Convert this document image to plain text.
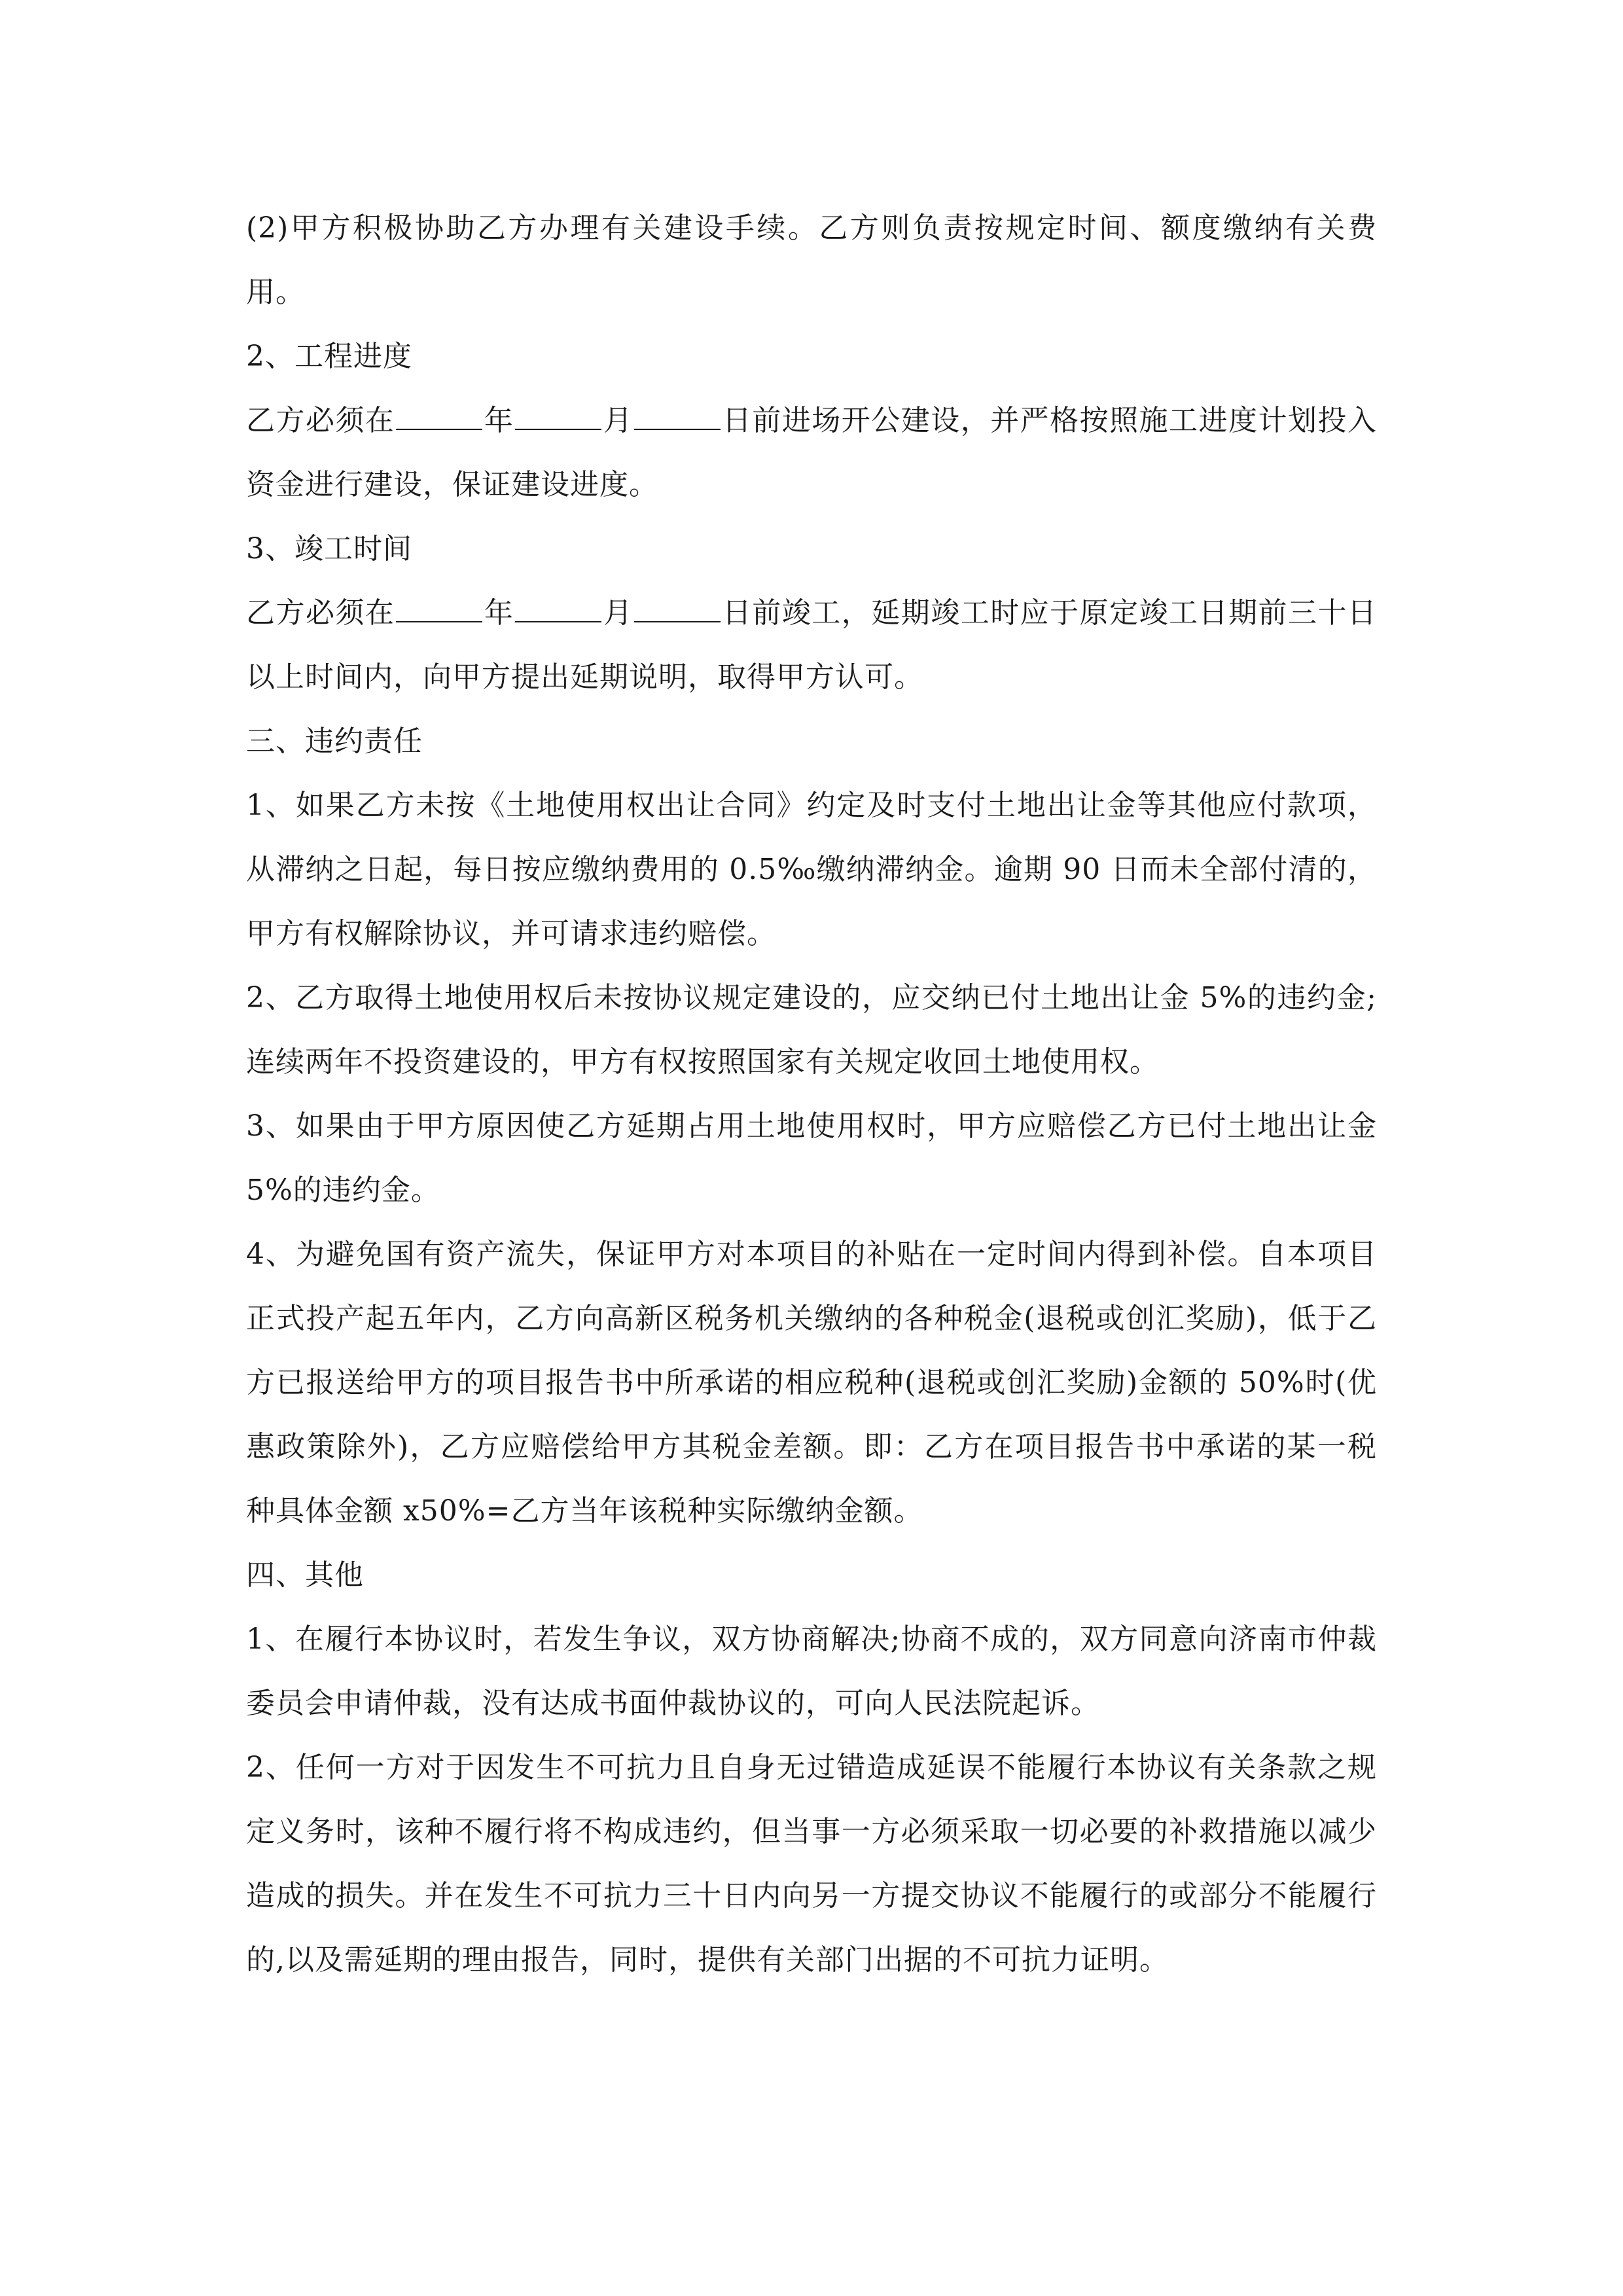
(2)甲方积极协助乙方办理有关建设手续。乙方则负责按规定时间、额度缴纳有关费用。

2、工程进度

乙方必须在	年	月	日前进场开公建设，并严格按照施工进度计划投入资金进行建设，保证建设进度。

3、竣工时间

乙方必须在	年	月	日前竣工，延期竣工时应于原定竣工日期前三十日以上时间内，向甲方提出延期说明，取得甲方认可。

三、违约责任

1、如果乙方未按《土地使用权出让合同》约定及时支付土地出让金等其他应付款项，从滞纳之日起，每日按应缴纳费用的 0.5‰缴纳滞纳金。逾期 90 日而未全部付清的，甲方有权解除协议，并可请求违约赔偿。

2、乙方取得土地使用权后未按协议规定建设的，应交纳已付土地出让金 5%的违约金;连续两年不投资建设的，甲方有权按照国家有关规定收回土地使用权。

3、如果由于甲方原因使乙方延期占用土地使用权时，甲方应赔偿乙方已付土地出让金 5%的违约金。

4、为避免国有资产流失，保证甲方对本项目的补贴在一定时间内得到补偿。自本项目正式投产起五年内，乙方向高新区税务机关缴纳的各种税金(退税或创汇奖励)，低于乙方已报送给甲方的项目报告书中所承诺的相应税种(退税或创汇奖励)金额的 50%时(优惠政策除外)，乙方应赔偿给甲方其税金差额。即：乙方在项目报告书中承诺的某一税种具体金额 x50%=乙方当年该税种实际缴纳金额。

四、其他

1、在履行本协议时，若发生争议，双方协商解决;协商不成的，双方同意向济南市仲裁委员会申请仲裁，没有达成书面仲裁协议的，可向人民法院起诉。

2、任何一方对于因发生不可抗力且自身无过错造成延误不能履行本协议有关条款之规定义务时，该种不履行将不构成违约，但当事一方必须采取一切必要的补救措施以减少造成的损失。并在发生不可抗力三十日内向另一方提交协议不能履行的或部分不能履行的,以及需延期的理由报告，同时，提供有关部门出据的不可抗力证明。
